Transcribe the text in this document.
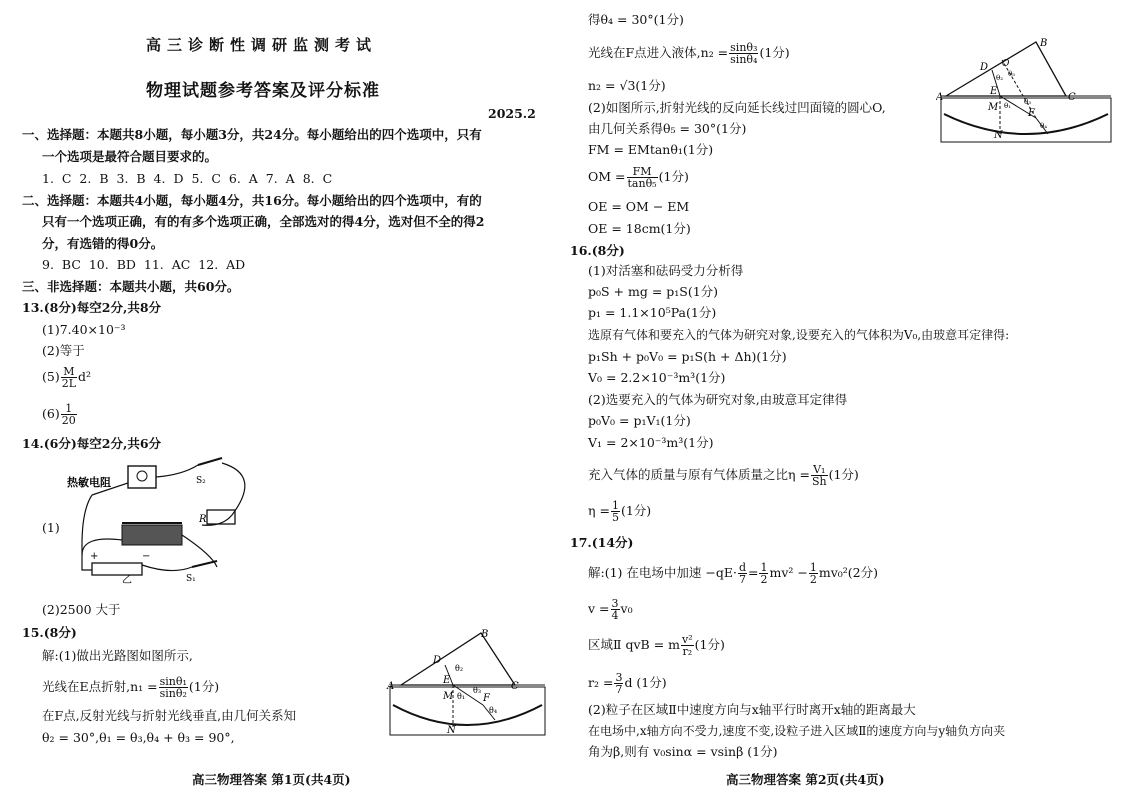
高三诊断性调研监测考试
物理试题参考答案及评分标准
2025.2
一、选择题：本题共8小题，每小题3分，共24分。每小题给出的四个选项中，只有
一个选项是最符合题目要求的。
1. C 2. B 3. B 4. D 5. C 6. A 7. A 8. C
二、选择题：本题共4小题，每小题4分，共16分。每小题给出的四个选项中，有的
只有一个选项正确，有的有多个选项正确，全部选对的得4分，选对但不全的得2
分，有选错的得0分。
9. BC 10. BD 11. AC 12. AD
三、非选择题：本题共小题，共60分。
13.(8分)每空2分,共8分
(1)7.40×10⁻³
(2)等于
$(5) \frac{M}{2L} d^2$
$(6) \frac{1}{20}$
14.(6分)每空2分,共6分
(1)
热敏电阻	S₂
R
+	−
S₁
乙
(2)2500 大于
15.(8分)
解:(1)做出光路图如图所示,
光线在E点折射$,n_1 = \frac{\text{sinθ₁}}{\text{sinθ₂}} (1$分)
在F点,反射光线与折射光线垂直,由几何关系知
θ₂ = 30°,θ₁ = θ₃,θ₄ + θ₃ = 90°,
A
B
C
D
E
F
M
N
θ₂
θ₁
θ₃
θ₄
高三物理答案 第1页(共4页)
得θ₄ = 30°(1分)
光线在F点进入液体$,n_2 = \frac{\text{sinθ₃}}{\text{sinθ₄}} (1$分)
n₂ = √3(1分)
(2)如图所示,折射光线的反向延长线过凹面镜的圆心O,
由几何关系得θ₅ = 30°(1分)
FM = EMtanθ₁(1分)
OM = $\frac{FM}{\text{tanθ₅}} (1$分)
OE = OM − EM
OE = 18cm(1分)
A
B
C
D O
E
F
M
N
θ₂
θ₁ θ₃
θ₄
θ₅
16.(8分)
(1)对活塞和砝码受力分析得
p₀S + mg = p₁S(1分)
p₁ = 1.1×10⁵Pa(1分)
选原有气体和要充入的气体为研究对象,设要充入的气体积为V₀,由玻意耳定律得:
p₁Sh + p₀V₀ = p₁S(h + Δh)(1分)
V₀ = 2.2×10⁻³m³(1分)
(2)选要充入的气体为研究对象,由玻意耳定律得
p₀V₀ = p₁V₁(1分)
V₁ = 2×10⁻³m³(1分)
充入气体的质量与原有气体质量之比$\eta = \frac{\text{V₁}}{Sh} (1$分)
$\eta = \frac{1}{5} (1$分)
17.(14分)
解:(1) 在电场中加速 $-qE\cdot \frac{d}{7} = \frac{1}{2} mv^2 - \frac{1}{2} mv_0^2(2$分)
$v = \frac{3}{4} v_0$
区域Ⅱ qvB = m $\frac{\text{v²}}{\text{r₂}} (1$分)
$r_2 = \frac{3}{7}$ d (1分)
(2)粒子在区域Ⅱ中速度方向与x轴平行时离开x轴的距离最大
在电场中,x轴方向不受力,速度不变,设粒子进入区域Ⅱ的速度方向与y轴负方向夹
角为β,则有 v₀sinα = vsinβ (1分)
高三物理答案 第2页(共4页)
